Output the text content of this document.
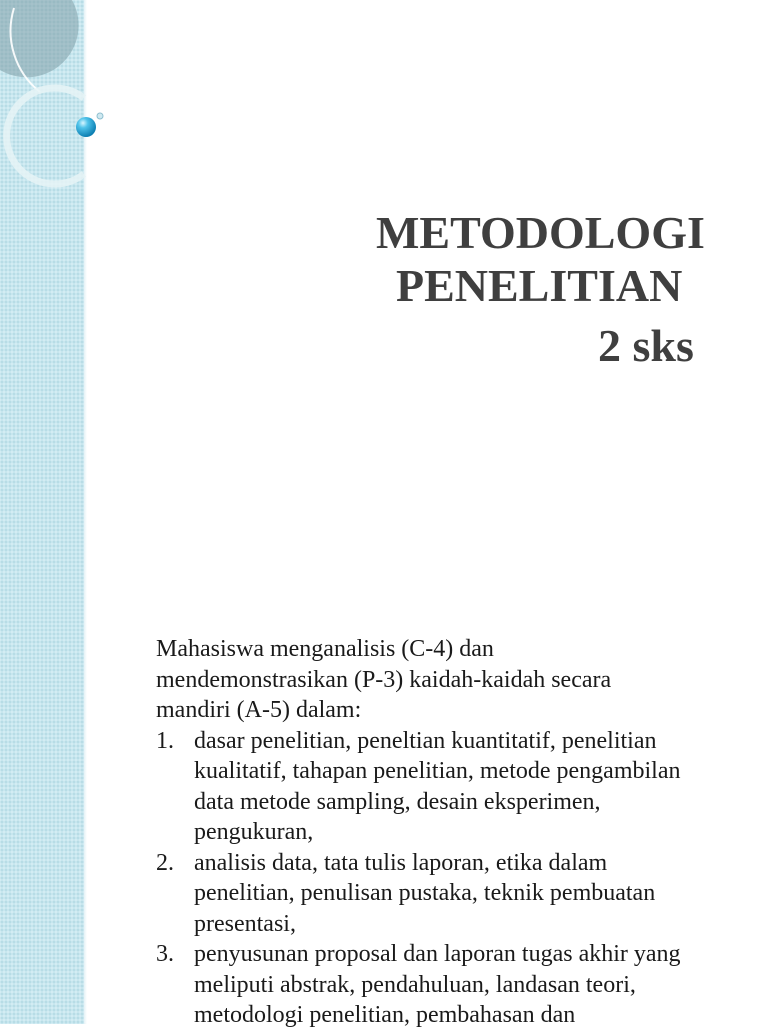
METODOLOGI
PENELITIAN
2 sks
Mahasiswa menganalisis (C-4) dan
mendemonstrasikan (P-3) kaidah-kaidah secara
mandiri (A-5) dalam:
1. dasar penelitian, peneltian kuantitatif, penelitian
kualitatif, tahapan penelitian, metode pengambilan
data metode sampling, desain eksperimen,
pengukuran,
2. analisis data, tata tulis laporan, etika dalam
penelitian, penulisan pustaka, teknik pembuatan
presentasi,
3. penyusunan proposal dan laporan tugas akhir yang
meliputi abstrak, pendahuluan, landasan teori,
metodologi penelitian, pembahasan dan
